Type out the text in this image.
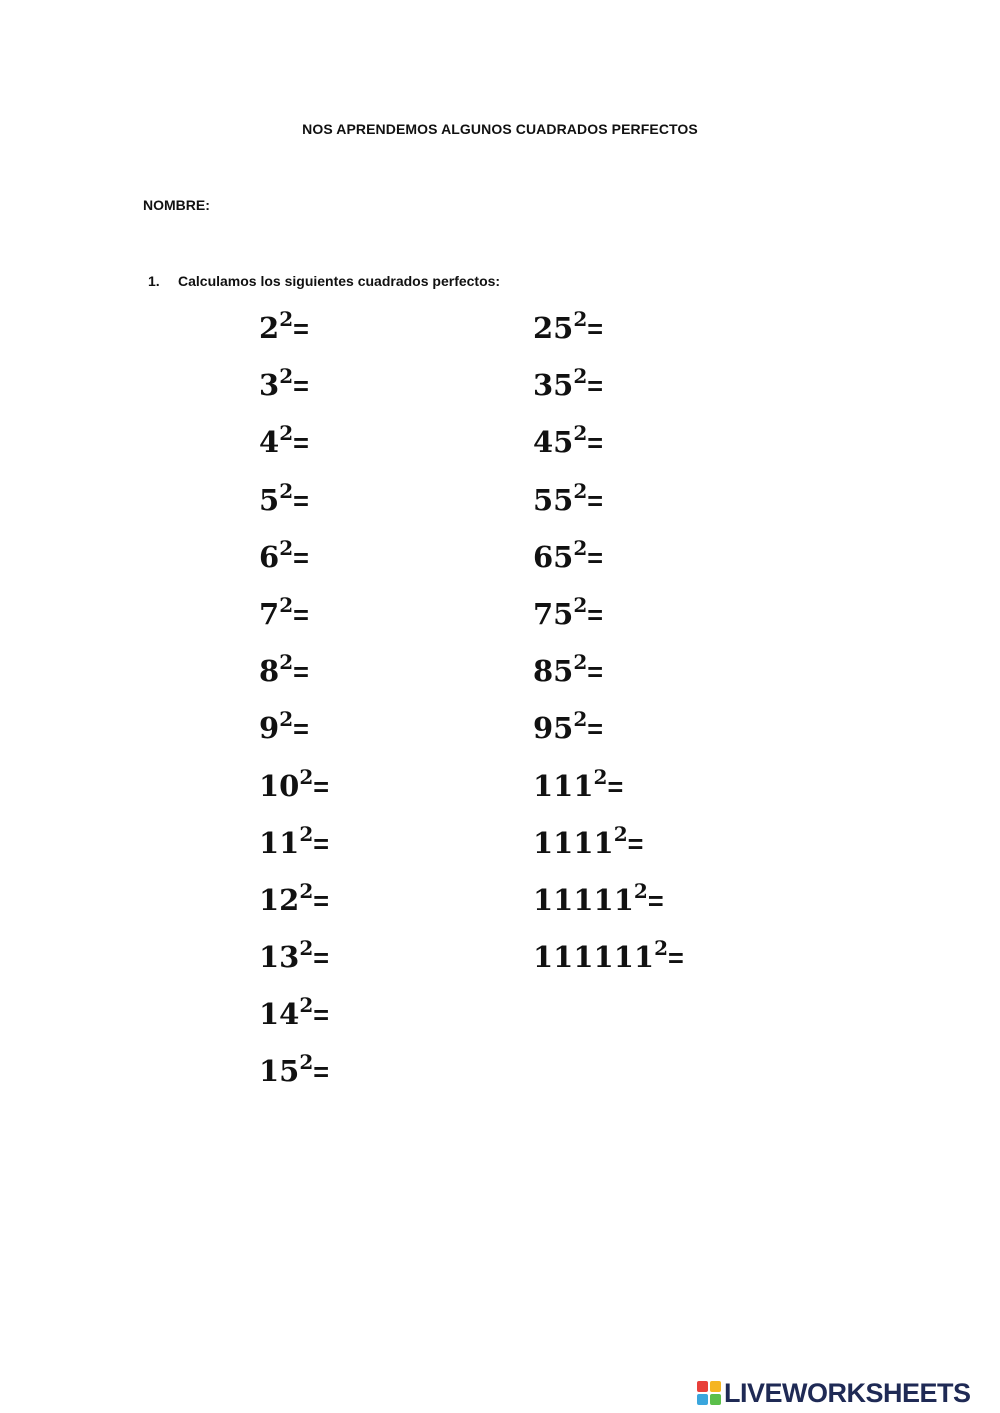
NOS APRENDEMOS ALGUNOS CUADRADOS PERFECTOS
NOMBRE:
1. Calculamos los siguientes cuadrados perfectos:
$2^2=$
$3^2=$
$4^2=$
$5^2=$
$6^2=$
$7^2=$
$8^2=$
$9^2=$
$10^2=$
$11^2=$
$12^2=$
$13^2=$
$14^2=$
$15^2=$
$25^2=$
$35^2=$
$45^2=$
$55^2=$
$65^2=$
$75^2=$
$85^2=$
$95^2=$
$111^2=$
$1111^2=$
$11111^2=$
$111111^2=$
LIVEWORKSHEETS
